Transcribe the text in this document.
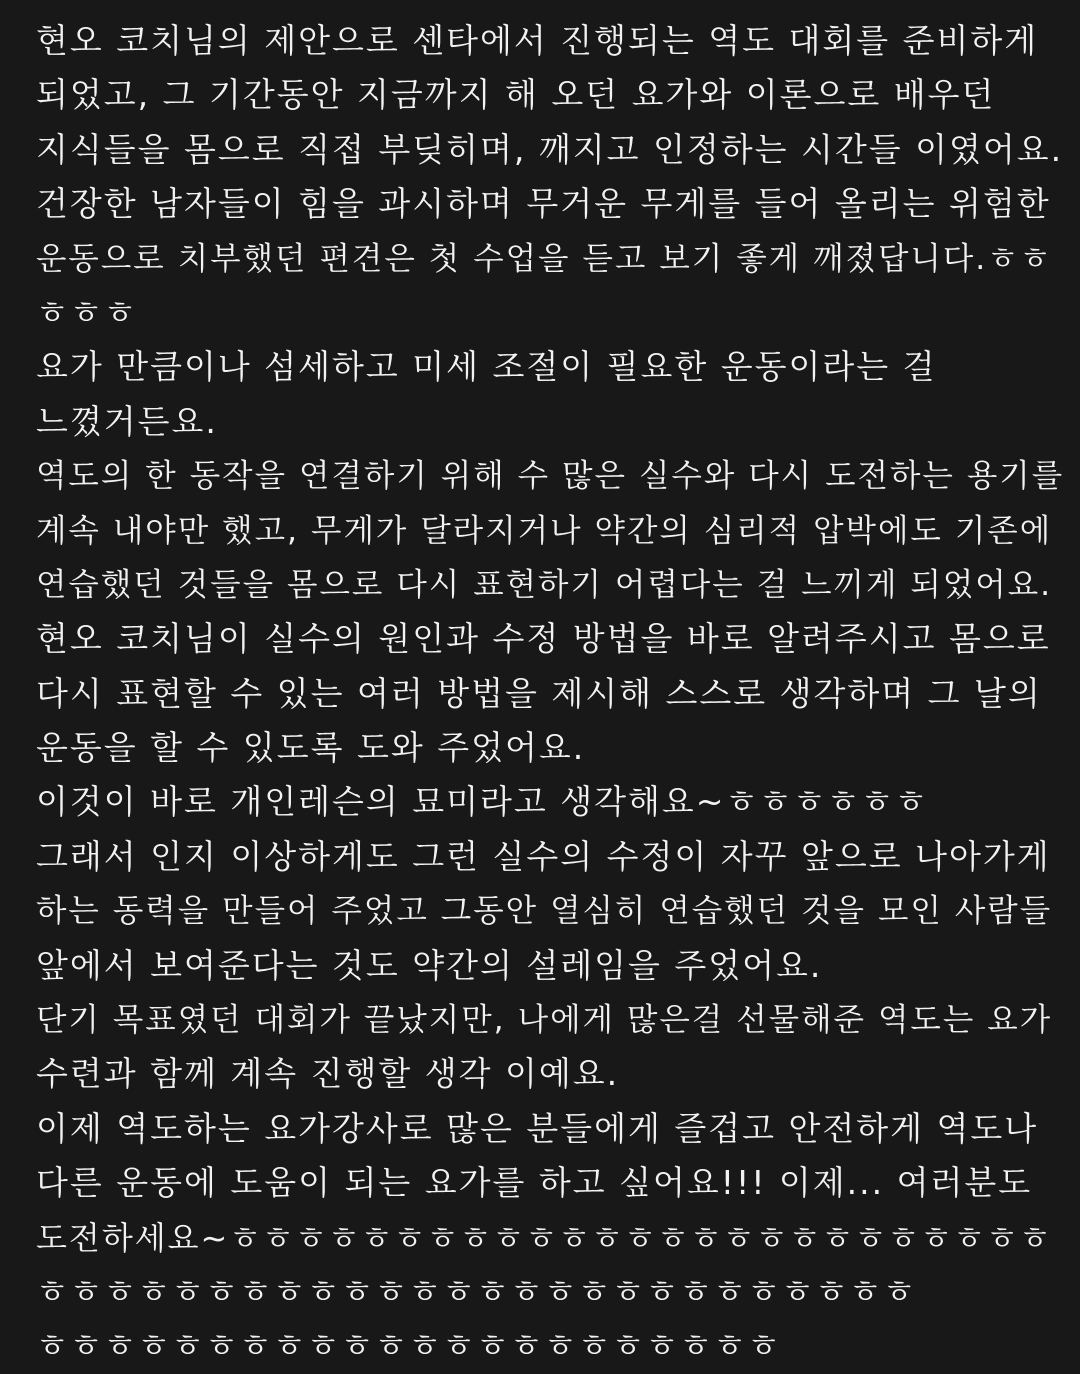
현오 코치님의 제안으로 센타에서 진행되는 역도 대회를 준비하게
되었고, 그 기간동안 지금까지 해 오던 요가와 이론으로 배우던
지식들을 몸으로 직접 부딪히며, 깨지고 인정하는 시간들 이였어요.
건장한 남자들이 힘을 과시하며 무거운 무게를 들어 올리는 위험한
운동으로 치부했던 편견은 첫 수업을 듣고 보기 좋게 깨졌답니다.ㅎㅎ
ㅎㅎㅎ
요가 만큼이나 섬세하고 미세 조절이 필요한 운동이라는 걸
느꼈거든요.
역도의 한 동작을 연결하기 위해 수 많은 실수와 다시 도전하는 용기를
계속 내야만 했고, 무게가 달라지거나 약간의 심리적 압박에도 기존에
연습했던 것들을 몸으로 다시 표현하기 어렵다는 걸 느끼게 되었어요.
현오 코치님이 실수의 원인과 수정 방법을 바로 알려주시고 몸으로
다시 표현할 수 있는 여러 방법을 제시해 스스로 생각하며 그 날의
운동을 할 수 있도록 도와 주었어요.
이것이 바로 개인레슨의 묘미라고 생각해요~ㅎㅎㅎㅎㅎㅎ
그래서 인지 이상하게도 그런 실수의 수정이 자꾸 앞으로 나아가게
하는 동력을 만들어 주었고 그동안 열심히 연습했던 것을 모인 사람들
앞에서 보여준다는 것도 약간의 설레임을 주었어요.
단기 목표였던 대회가 끝났지만, 나에게 많은걸 선물해준 역도는 요가
수련과 함께 계속 진행할 생각 이예요.
이제 역도하는 요가강사로 많은 분들에게 즐겁고 안전하게 역도나
다른 운동에 도움이 되는 요가를 하고 싶어요!!! 이제... 여러분도
도전하세요~ㅎㅎㅎㅎㅎㅎㅎㅎㅎㅎㅎㅎㅎㅎㅎㅎㅎㅎㅎㅎㅎㅎㅎㅎㅎ
ㅎㅎㅎㅎㅎㅎㅎㅎㅎㅎㅎㅎㅎㅎㅎㅎㅎㅎㅎㅎㅎㅎㅎㅎㅎㅎ
ㅎㅎㅎㅎㅎㅎㅎㅎㅎㅎㅎㅎㅎㅎㅎㅎㅎㅎㅎㅎㅎㅎ
